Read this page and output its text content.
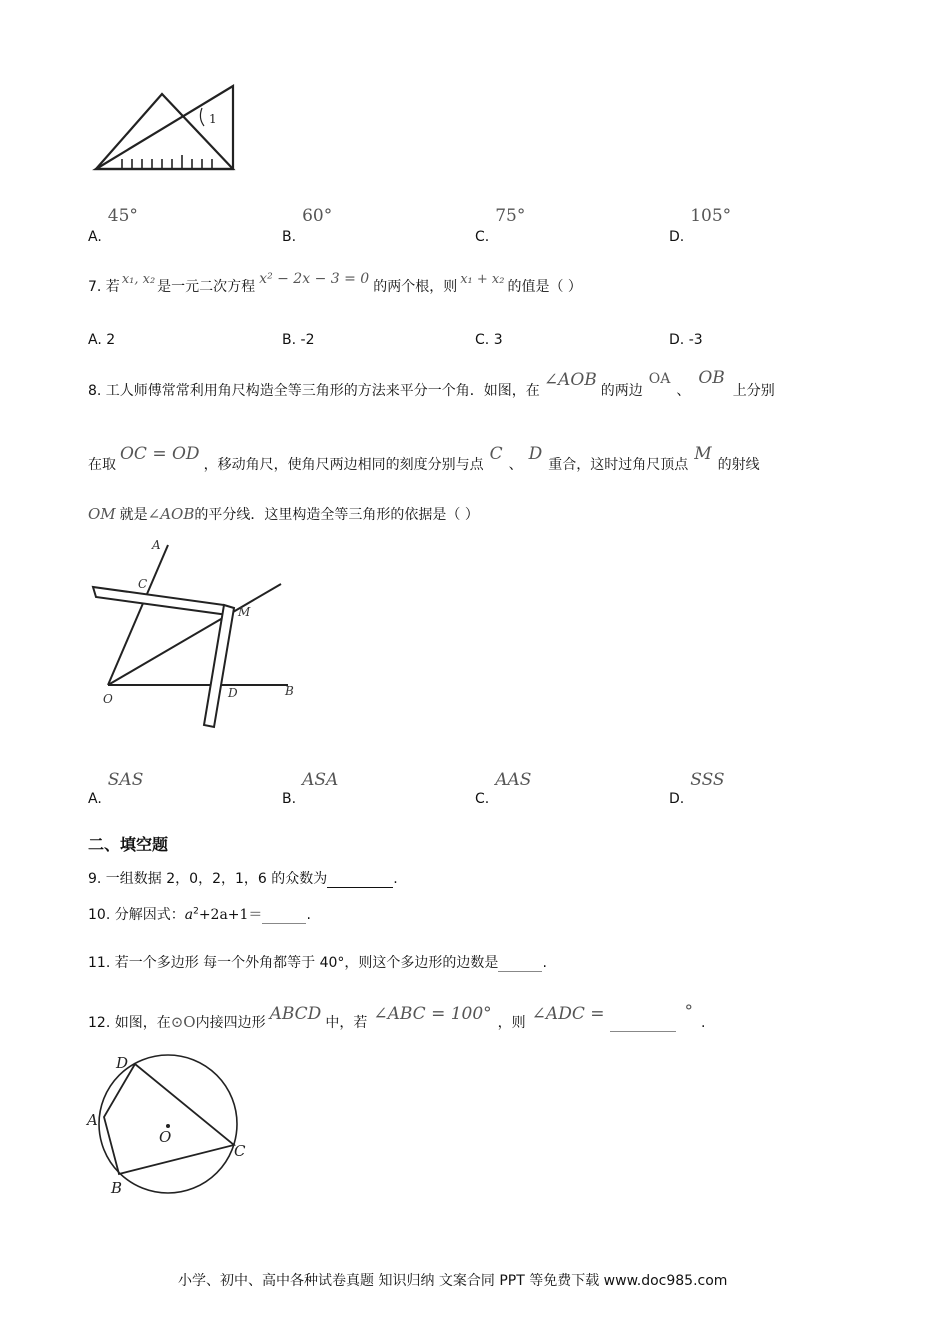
1
A.45°
B.60°
C.75°
D.105°
7. 若 x₁, x₂ 是一元二次方程 x² − 2x − 3 = 0 的两个根，则 x₁ + x₂ 的值是（ ）
A. 2	B. -2	C. 3	D. -3
8. 工人师傅常常利用角尺构造全等三角形的方法来平分一个角．如图，在∠AOB的两边OA、OB上分别
在取OC = OD，移动角尺，使角尺两边相同的刻度分别与点C、D重合，这时过角尺顶点M的射线
OM 就是∠AOB的平分线．这里构造全等三角形的依据是（ ）
A
C
M
O	D	B
A.SAS
B.ASA
C.AAS
D.SSS
二、填空题
9. 一组数据 2，0，2，1，6 的众数为	.
10. 分解因式：$a^2+2a+1=$	.
11. 若一个多边形 每一个外角都等于 40°，则这个多边形的边数是	.
12. 如图，在⊙O内接四边形 ABCD 中，若 ∠ABC = 100° ，则 ∠ADC =	°.
D
A
O
C
B
小学、初中、高中各种试卷真题 知识归纳 文案合同 PPT 等免费下载 www.doc985.com
